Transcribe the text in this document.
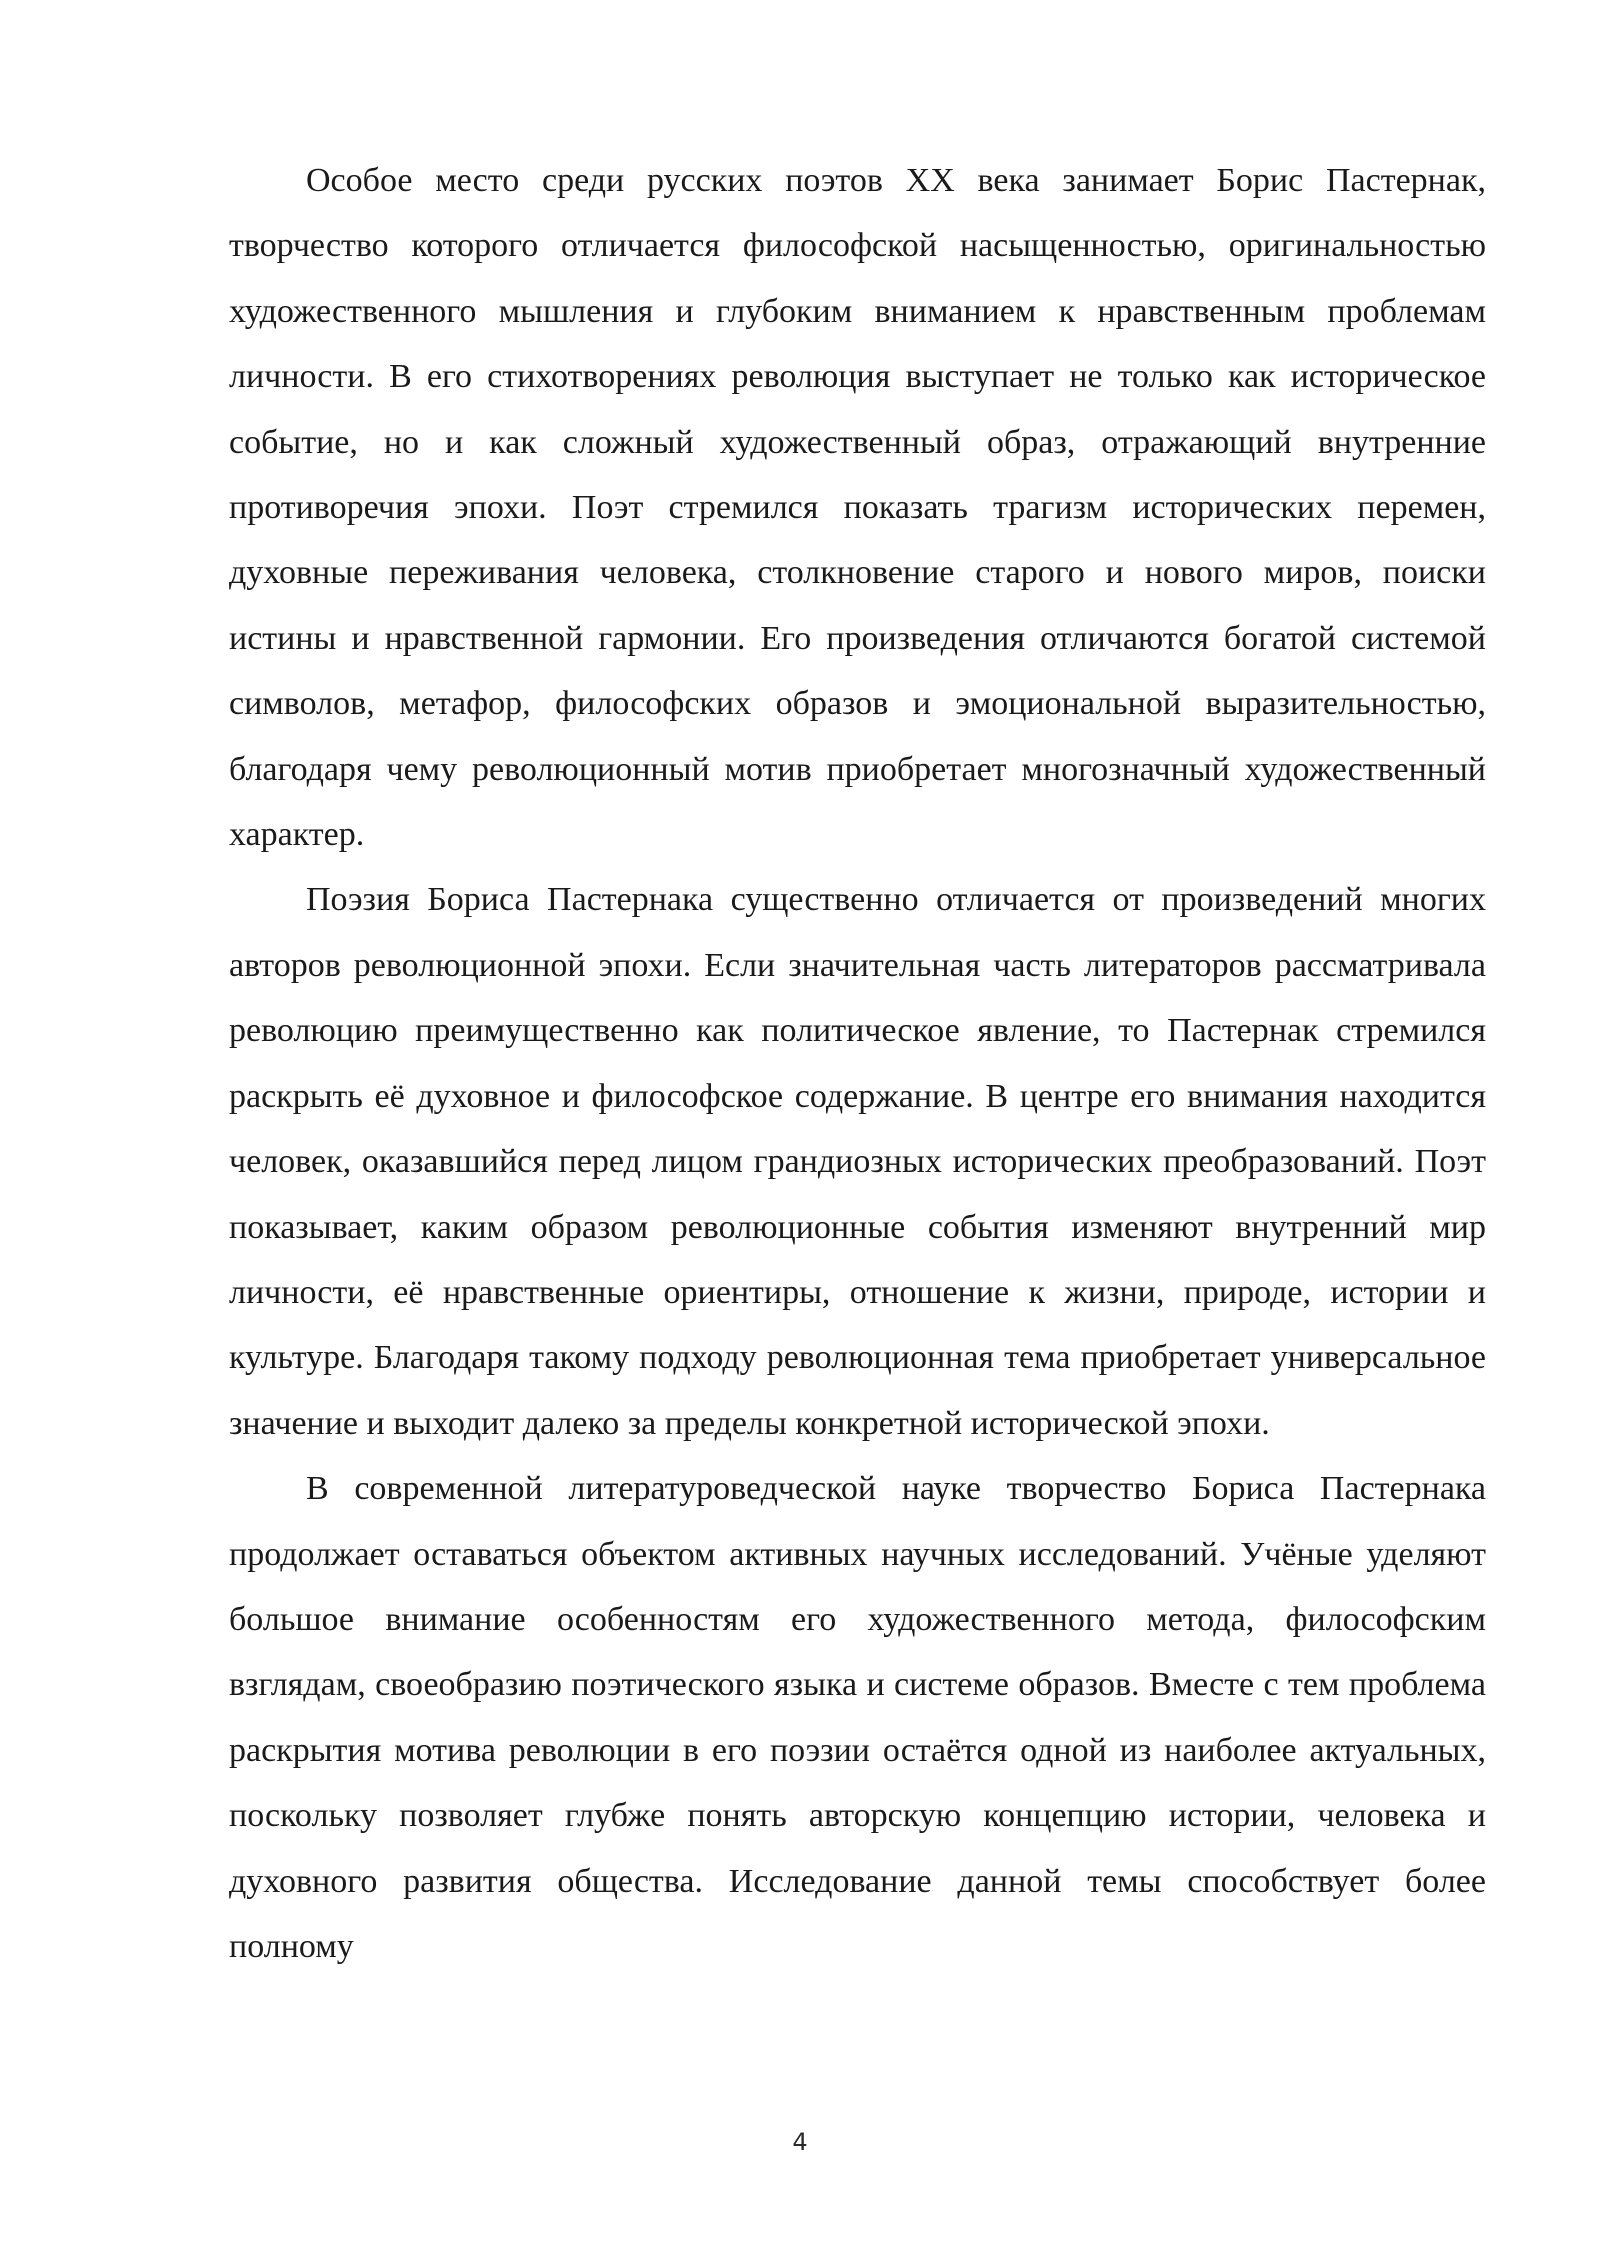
Особое место среди русских поэтов XX века занимает Борис Пастернак, творчество которого отличается философской насыщенностью, оригинальностью художественного мышления и глубоким вниманием к нравственным проблемам личности. В его стихотворениях революция выступает не только как историческое событие, но и как сложный художественный образ, отражающий внутренние противоречия эпохи. Поэт стремился показать трагизм исторических перемен, духовные переживания человека, столкновение старого и нового миров, поиски истины и нравственной гармонии. Его произведения отличаются богатой системой символов, метафор, философских образов и эмоциональной выразительностью, благодаря чему революционный мотив приобретает многозначный художественный характер.

Поэзия Бориса Пастернака существенно отличается от произведений многих авторов революционной эпохи. Если значительная часть литераторов рассматривала революцию преимущественно как политическое явление, то Пастернак стремился раскрыть её духовное и философское содержание. В центре его внимания находится человек, оказавшийся перед лицом грандиозных исторических преобразований. Поэт показывает, каким образом революционные события изменяют внутренний мир личности, её нравственные ориентиры, отношение к жизни, природе, истории и культуре. Благодаря такому подходу революционная тема приобретает универсальное значение и выходит далеко за пределы конкретной исторической эпохи.

В современной литературоведческой науке творчество Бориса Пастернака продолжает оставаться объектом активных научных исследований. Учёные уделяют большое внимание особенностям его художественного метода, философским взглядам, своеобразию поэтического языка и системе образов. Вместе с тем проблема раскрытия мотива революции в его поэзии остаётся одной из наиболее актуальных, поскольку позволяет глубже понять авторскую концепцию истории, человека и духовного развития общества. Исследование данной темы способствует более полному

4
